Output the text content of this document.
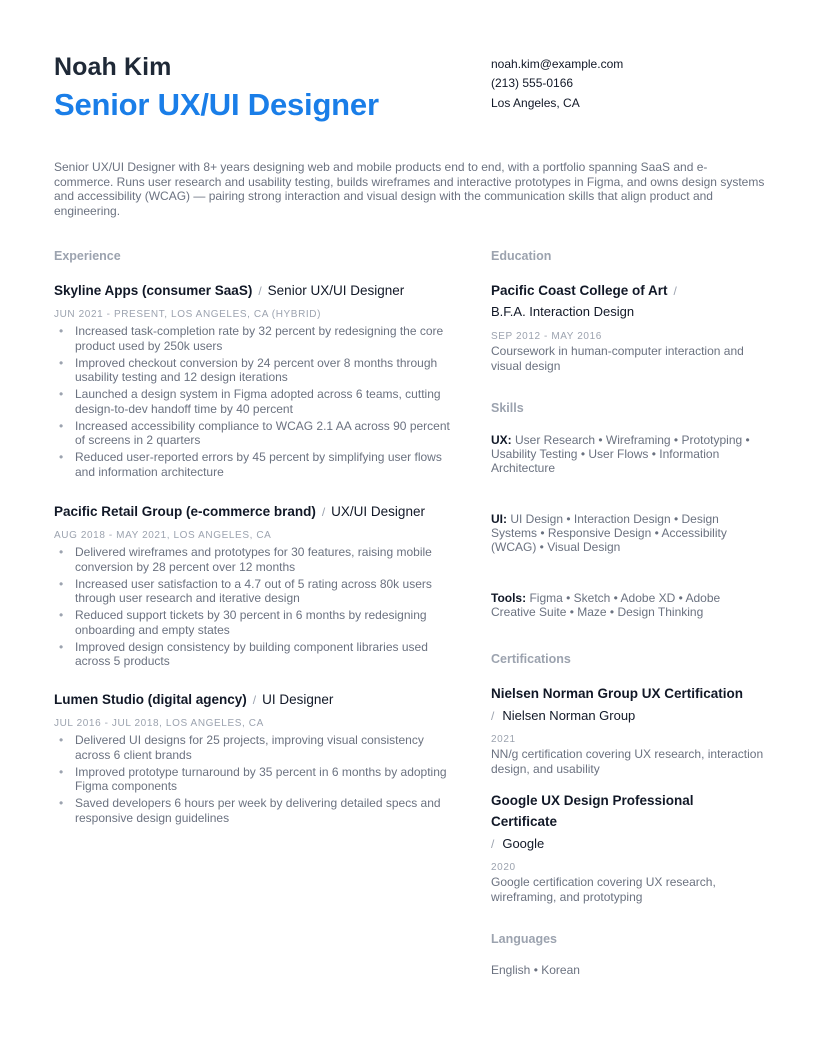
Noah Kim
Senior UX/UI Designer
noah.kim@example.com
(213) 555-0166
Los Angeles, CA
Senior UX/UI Designer with 8+ years designing web and mobile products end to end, with a portfolio spanning SaaS and e-commerce. Runs user research and usability testing, builds wireframes and interactive prototypes in Figma, and owns design systems and accessibility (WCAG) — pairing strong interaction and visual design with the communication skills that align product and engineering.
Experience
Skyline Apps (consumer SaaS) / Senior UX/UI Designer
JUN 2021 - PRESENT, LOS ANGELES, CA (HYBRID)
• Increased task-completion rate by 32 percent by redesigning the core product used by 250k users
• Improved checkout conversion by 24 percent over 8 months through usability testing and 12 design iterations
• Launched a design system in Figma adopted across 6 teams, cutting design-to-dev handoff time by 40 percent
• Increased accessibility compliance to WCAG 2.1 AA across 90 percent of screens in 2 quarters
• Reduced user-reported errors by 45 percent by simplifying user flows and information architecture
Pacific Retail Group (e-commerce brand) / UX/UI Designer
AUG 2018 - MAY 2021, LOS ANGELES, CA
• Delivered wireframes and prototypes for 30 features, raising mobile conversion by 28 percent over 12 months
• Increased user satisfaction to a 4.7 out of 5 rating across 80k users through user research and iterative design
• Reduced support tickets by 30 percent in 6 months by redesigning onboarding and empty states
• Improved design consistency by building component libraries used across 5 products
Lumen Studio (digital agency) / UI Designer
JUL 2016 - JUL 2018, LOS ANGELES, CA
• Delivered UI designs for 25 projects, improving visual consistency across 6 client brands
• Improved prototype turnaround by 35 percent in 6 months by adopting Figma components
• Saved developers 6 hours per week by delivering detailed specs and responsive design guidelines
Education
Pacific Coast College of Art /
B.F.A. Interaction Design
SEP 2012 - MAY 2016
Coursework in human-computer interaction and visual design
Skills
UX: User Research • Wireframing • Prototyping • Usability Testing • User Flows • Information Architecture
UI: UI Design • Interaction Design • Design Systems • Responsive Design • Accessibility (WCAG) • Visual Design
Tools: Figma • Sketch • Adobe XD • Adobe Creative Suite • Maze • Design Thinking
Certifications
Nielsen Norman Group UX Certification
/ Nielsen Norman Group
2021
NN/g certification covering UX research, interaction design, and usability
Google UX Design Professional Certificate
/ Google
2020
Google certification covering UX research, wireframing, and prototyping
Languages
English • Korean
